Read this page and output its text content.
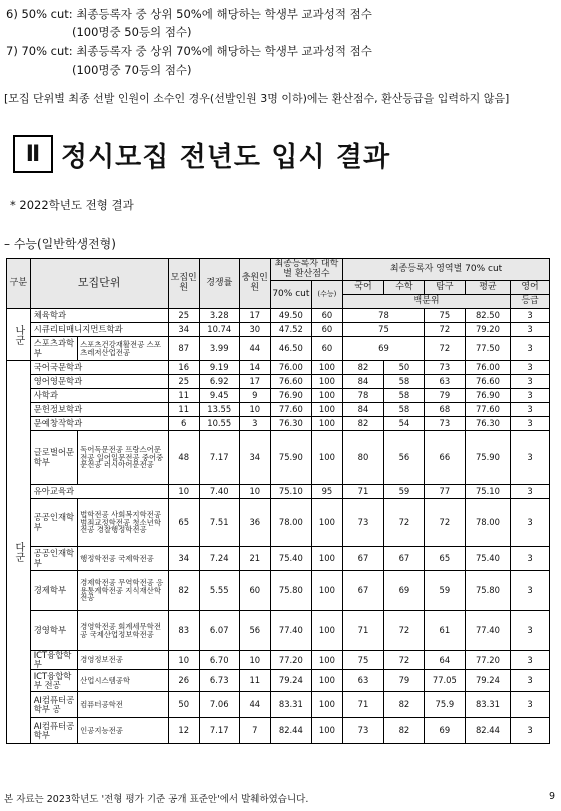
6) 50% cut: 최종등록자 중 상위 50%에 해당하는 학생부 교과성적 점수
(100명중 50등의 점수)
7) 70% cut: 최종등록자 중 상위 70%에 해당하는 학생부 교과성적 점수
(100명중 70등의 점수)
[모집 단위별 최종 선발 인원이 소수인 경우(선발인원 3명 이하)에는 환산점수, 환산등급을 입력하지 않음]
Ⅱ 정시모집 전년도 입시 결과
* 2022학년도 전형 결과
– 수능(일반학생전형)
구분	모집단위		모집인원	경쟁률	충원인원	최종등록자 대학별 환산점수		최종등록자 영역별 70% cut				
						70% cut	(수능)	국어	수학	탐구	평균	영어
								백분위				등급
나군	체육학과		25	3.28	17	49.50	60	78		75	82.50	3
	시큐리티매니지먼트학과		34	10.74	30	47.52	60	75		72	79.20	3
	스포츠과학부	스포츠건강재활전공 스포츠레저산업전공	87	3.99	44	46.50	60	69		72	77.50	3
다군	국어국문학과		16	9.19	14	76.00	100	82	50	73	76.00	3
	영어영문학과		25	6.92	17	76.60	100	84	58	63	76.60	3
	사학과		11	9.45	9	76.90	100	78	58	79	76.90	3
	문헌정보학과		11	13.55	10	77.60	100	84	58	68	77.60	3
	문예창작학과		6	10.55	3	76.30	100	82	54	73	76.30	3
	글로벌어문학부	독어독문전공 프랑스어문전공 일어일문전공 중어중문전공 러시아어문전공	48	7.17	34	75.90	100	80	56	66	75.90	3
	유아교육과		10	7.40	10	75.10	95	71	59	77	75.10	3
	공공인재학부	법학전공 사회복지학전공 범죄교정학전공 청소년학전공 경찰행정학전공	65	7.51	36	78.00	100	73	72	72	78.00	3
	공공인재학부	행정학전공 국제학전공	34	7.24	21	75.40	100	67	67	65	75.40	3
	경제학부	경제학전공 무역학전공 응용통계학전공 지식재산학전공	82	5.55	60	75.80	100	67	69	59	75.80	3
	경영학부	경영학전공 회계세무학전공 국제산업정보학전공	83	6.07	56	77.40	100	71	72	61	77.40	3
	ICT융합학부	경영정보전공	10	6.70	10	77.20	100	75	72	64	77.20	3
	ICT융합학부 전공	산업시스템공학	26	6.73	11	79.24	100	63	79	77.05	79.24	3
	AI컴퓨터공학부 공	컴퓨터공학전	50	7.06	44	83.31	100	71	82	75.9	83.31	3
	AI컴퓨터공학부	인공지능전공	12	7.17	7	82.44	100	73	82	69	82.44	3
본 자료는 2023학년도 '전형 평가 기준 공개 표준안'에서 발췌하였습니다.	9
